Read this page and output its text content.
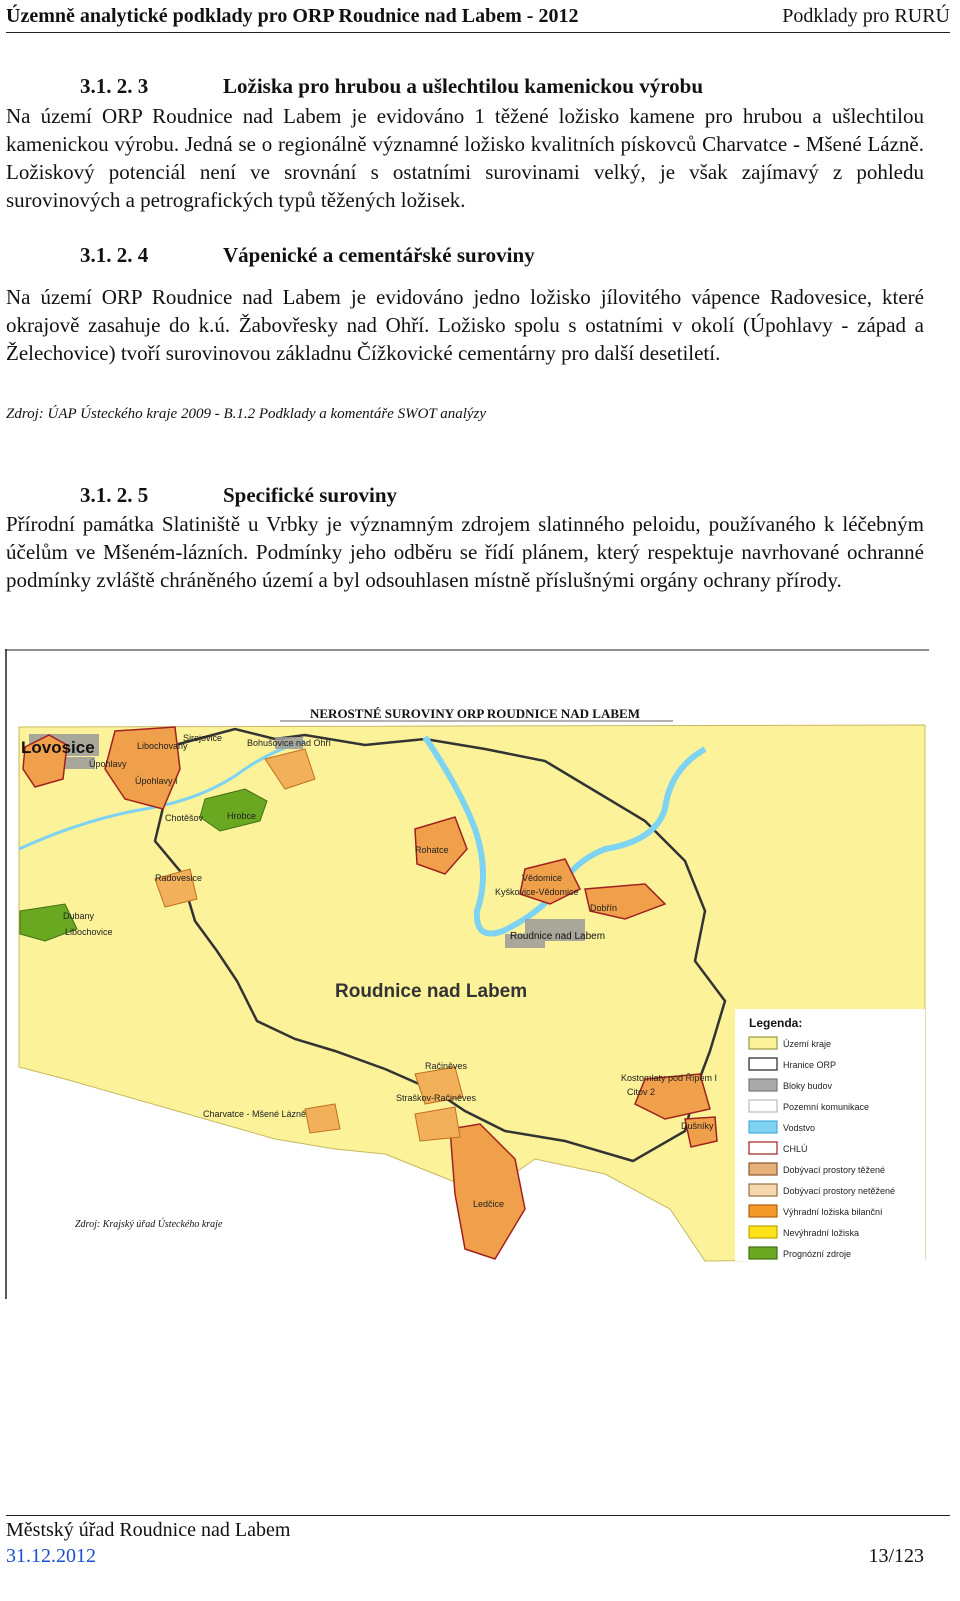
Územně analytické podklady pro ORP Roudnice nad Labem - 2012	Podklady pro RURÚ
3.1. 2. 3	Ložiska pro hrubou a ušlechtilou kamenickou výrobu
Na území ORP Roudnice nad Labem je evidováno 1 těžené ložisko kamene pro hrubou a ušlechtilou kamenickou výrobu. Jedná se o regionálně významné ložisko kvalitních pískovců Charvatce - Mšené Lázně. Ložiskový potenciál není ve srovnání s ostatními surovinami velký, je však zajímavý z pohledu surovinových a petrografických typů těžených ložisek.
3.1. 2. 4	Vápenické a cementářské suroviny
Na území ORP Roudnice nad Labem je evidováno jedno ložisko jílovitého vápence Radovesice, které okrajově zasahuje do k.ú. Žabovřesky nad Ohří. Ložisko spolu s ostatními v okolí (Úpohlavy - západ a Želechovice) tvoří surovinovou základnu Čížkovické cementárny pro další desetiletí.
Zdroj: ÚAP Ústeckého kraje 2009 - B.1.2 Podklady a komentáře SWOT analýzy
3.1. 2. 5	Specifické suroviny
Přírodní památka Slatiniště u Vrbky je významným zdrojem slatinného peloidu, používaného k léčebným účelům ve Mšeném-lázních. Podmínky jeho odběru se řídí plánem, který respektuje navrhované ochranné podmínky zvláště chráněného území a byl odsouhlasen místně příslušnými orgány ochrany přírody.
NEROSTNÉ SUROVINY ORP ROUDNICE NAD LABEM
Lovosice	Sirejovice
Libochovany
Úpohlavy
Úpohlavy I
Bohušovice nad Ohří
Chotěšov	Hrobce
Rohatce
Radovesice
Dubany
Libochovice
Vědomice
Kyškovice-Vědomice
Dobřín
Račiněves
Straškov-Račiněves
Charvatce - Mšené Lázně
Ledčice
Kostomlaty pod Řípem I
Citov 2
Dušníky
Roudnice nad Labem
Roudnice nad Labem
Legenda:
Území kraje
Hranice ORP
Bloky budov
Pozemní komunikace
Vodstvo
CHLÚ
Dobývací prostory těžené
Dobývací prostory netěžené
Výhradní ložiska bilanční
Nevýhradní ložiska
Prognózní zdroje
Zdroj: Krajský úřad Ústeckého kraje
Městský úřad Roudnice nad Labem
31.12.2012	13/123
